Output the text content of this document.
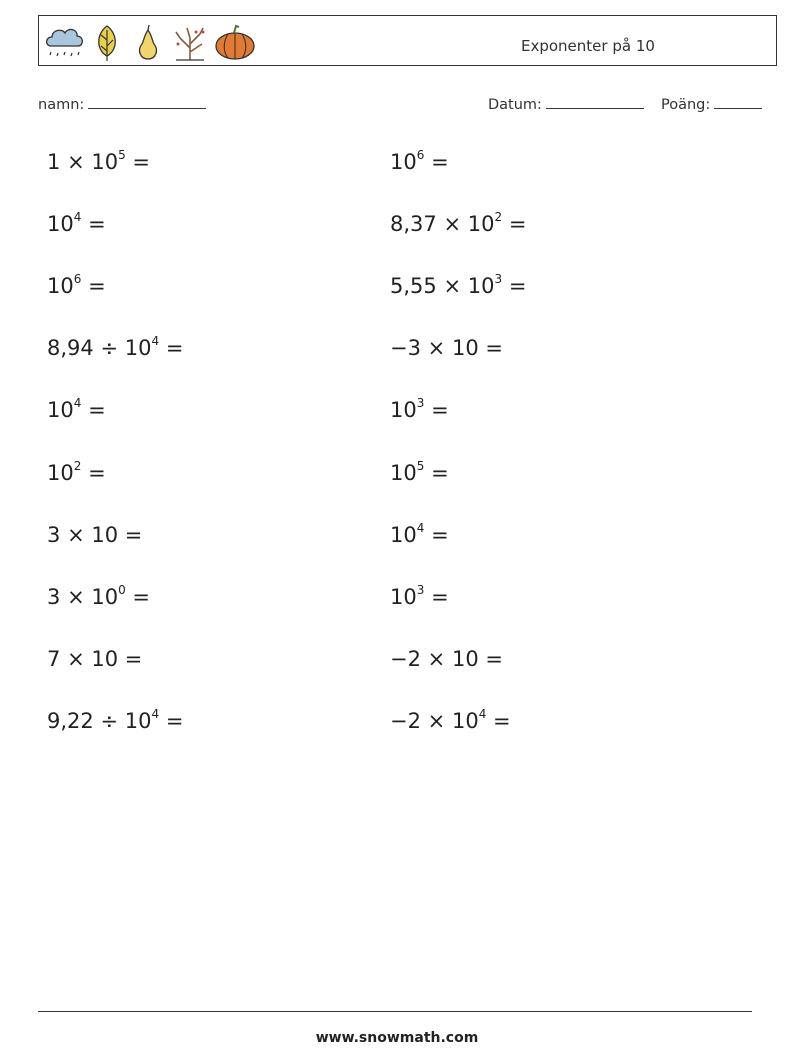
Exponenter på 10
namn:	Datum:	Poäng:
$1 \times 10^5$ =
$10^4$ =
$10^6$ =
$8,94 \div 10^4$ =
$10^4$ =
$10^2$ =
3 × 10 =
$3 \times 10^0$ =
7 × 10 =
$9,22 \div 10^4$ =
$10^6$ =
$8,37 \times 10^2$ =
$5,55 \times 10^3$ =
−3 × 10 =
$10^3$ =
$10^5$ =
$10^4$ =
$10^3$ =
−2 × 10 =
$-2 \times 10^4$ =
www.snowmath.com
